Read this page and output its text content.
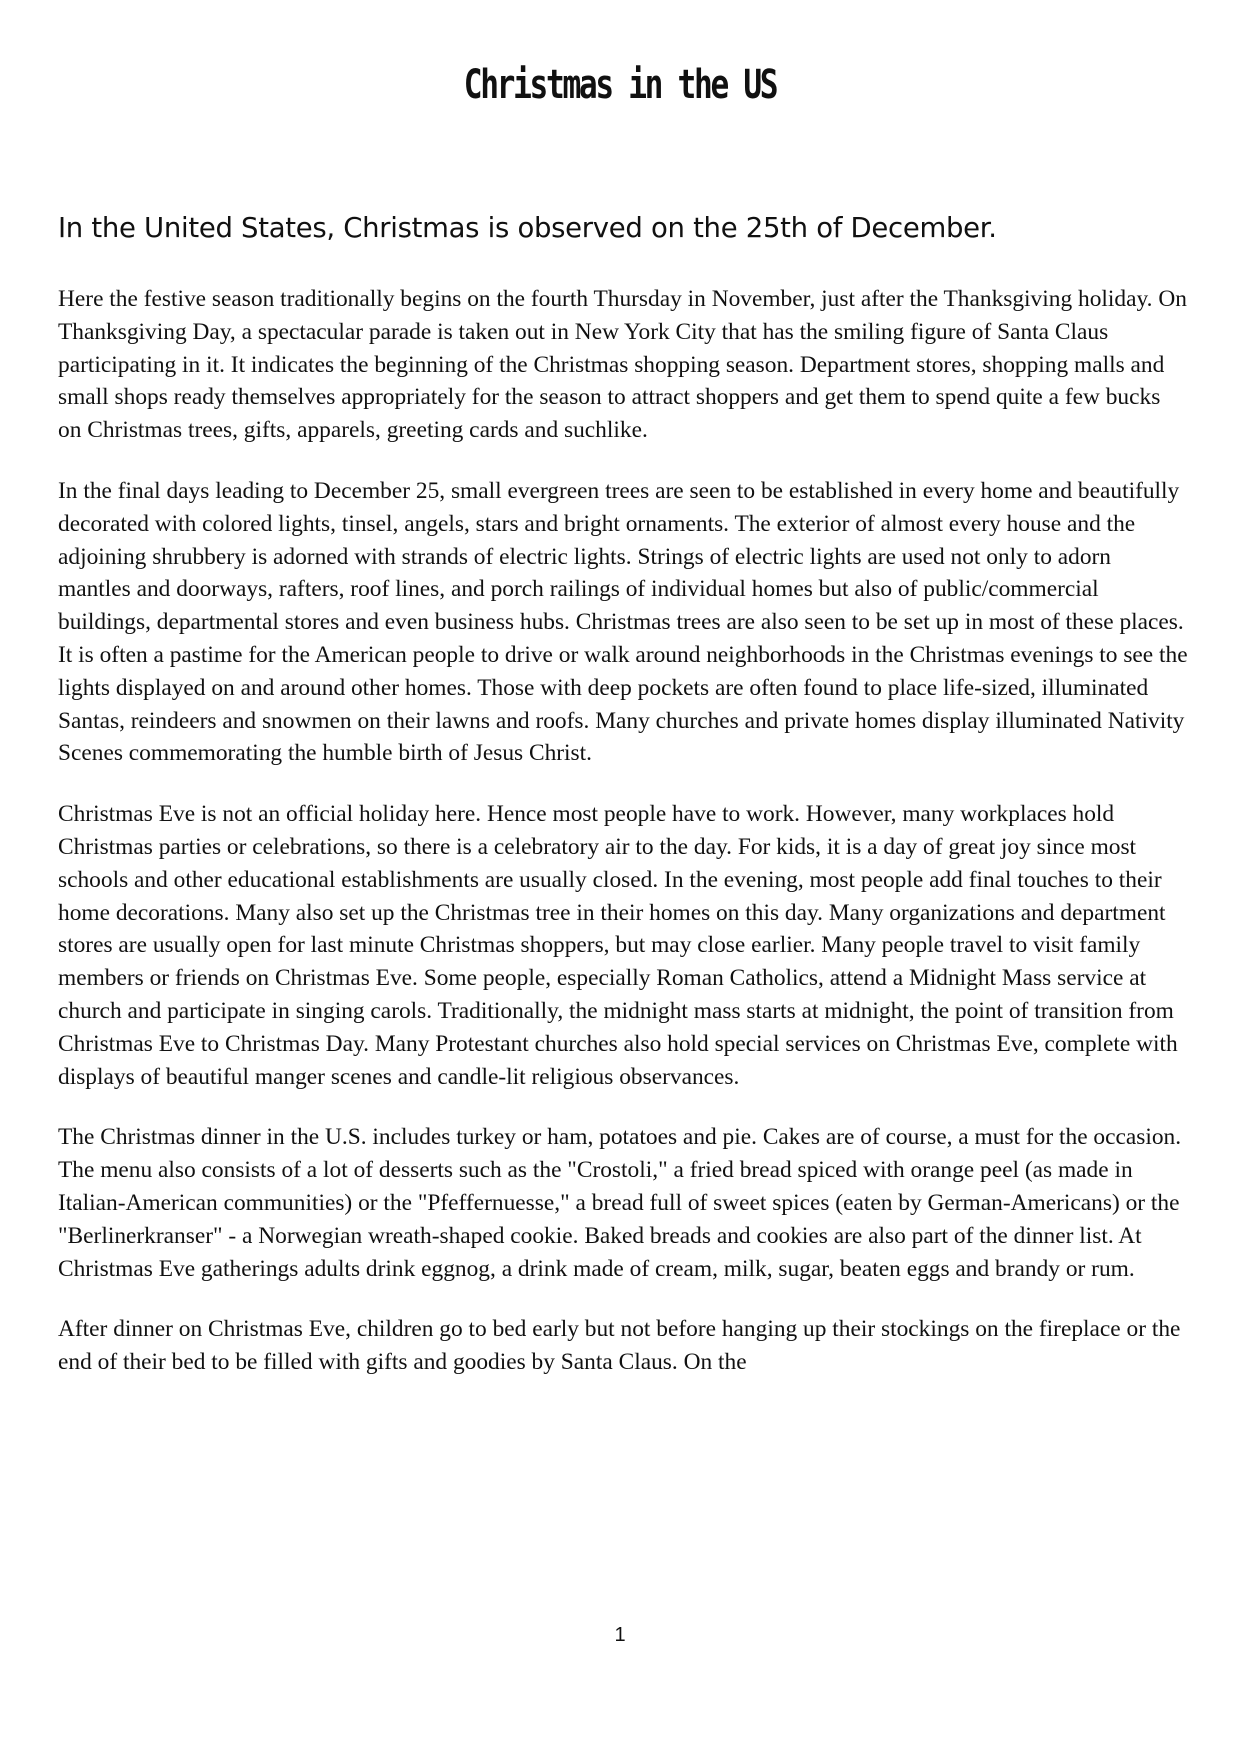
Christmas in the US
In the United States, Christmas is observed on the 25th of December.

Here the festive season traditionally begins on the fourth Thursday in November, just after the Thanksgiving holiday. On Thanksgiving Day, a spectacular parade is taken out in New York City that has the smiling figure of Santa Claus participating in it. It indicates the beginning of the Christmas shopping season. Department stores, shopping malls and small shops ready themselves appropriately for the season to attract shoppers and get them to spend quite a few bucks on Christmas trees, gifts, apparels, greeting cards and suchlike.

In the final days leading to December 25, small evergreen trees are seen to be established in every home and beautifully decorated with colored lights, tinsel, angels, stars and bright ornaments. The exterior of almost every house and the adjoining shrubbery is adorned with strands of electric lights. Strings of electric lights are used not only to adorn mantles and doorways, rafters, roof lines, and porch railings of individual homes but also of public/commercial buildings, departmental stores and even business hubs. Christmas trees are also seen to be set up in most of these places. It is often a pastime for the American people to drive or walk around neighborhoods in the Christmas evenings to see the lights displayed on and around other homes. Those with deep pockets are often found to place life-sized, illuminated Santas, reindeers and snowmen on their lawns and roofs. Many churches and private homes display illuminated Nativity Scenes commemorating the humble birth of Jesus Christ.

Christmas Eve is not an official holiday here. Hence most people have to work. However, many workplaces hold Christmas parties or celebrations, so there is a celebratory air to the day. For kids, it is a day of great joy since most schools and other educational establishments are usually closed. In the evening, most people add final touches to their home decorations. Many also set up the Christmas tree in their homes on this day. Many organizations and department stores are usually open for last minute Christmas shoppers, but may close earlier. Many people travel to visit family members or friends on Christmas Eve. Some people, especially Roman Catholics, attend a Midnight Mass service at church and participate in singing carols. Traditionally, the midnight mass starts at midnight, the point of transition from Christmas Eve to Christmas Day. Many Protestant churches also hold special services on Christmas Eve, complete with displays of beautiful manger scenes and candle-lit religious observances.

The Christmas dinner in the U.S. includes turkey or ham, potatoes and pie. Cakes are of course, a must for the occasion. The menu also consists of a lot of desserts such as the "Crostoli," a fried bread spiced with orange peel (as made in Italian-American communities) or the "Pfeffernuesse," a bread full of sweet spices (eaten by German-Americans) or the "Berlinerkranser" - a Norwegian wreath-shaped cookie. Baked breads and cookies are also part of the dinner list. At Christmas Eve gatherings adults drink eggnog, a drink made of cream, milk, sugar, beaten eggs and brandy or rum.

After dinner on Christmas Eve, children go to bed early but not before hanging up their stockings on the fireplace or the end of their bed to be filled with gifts and goodies by Santa Claus. On the

1
